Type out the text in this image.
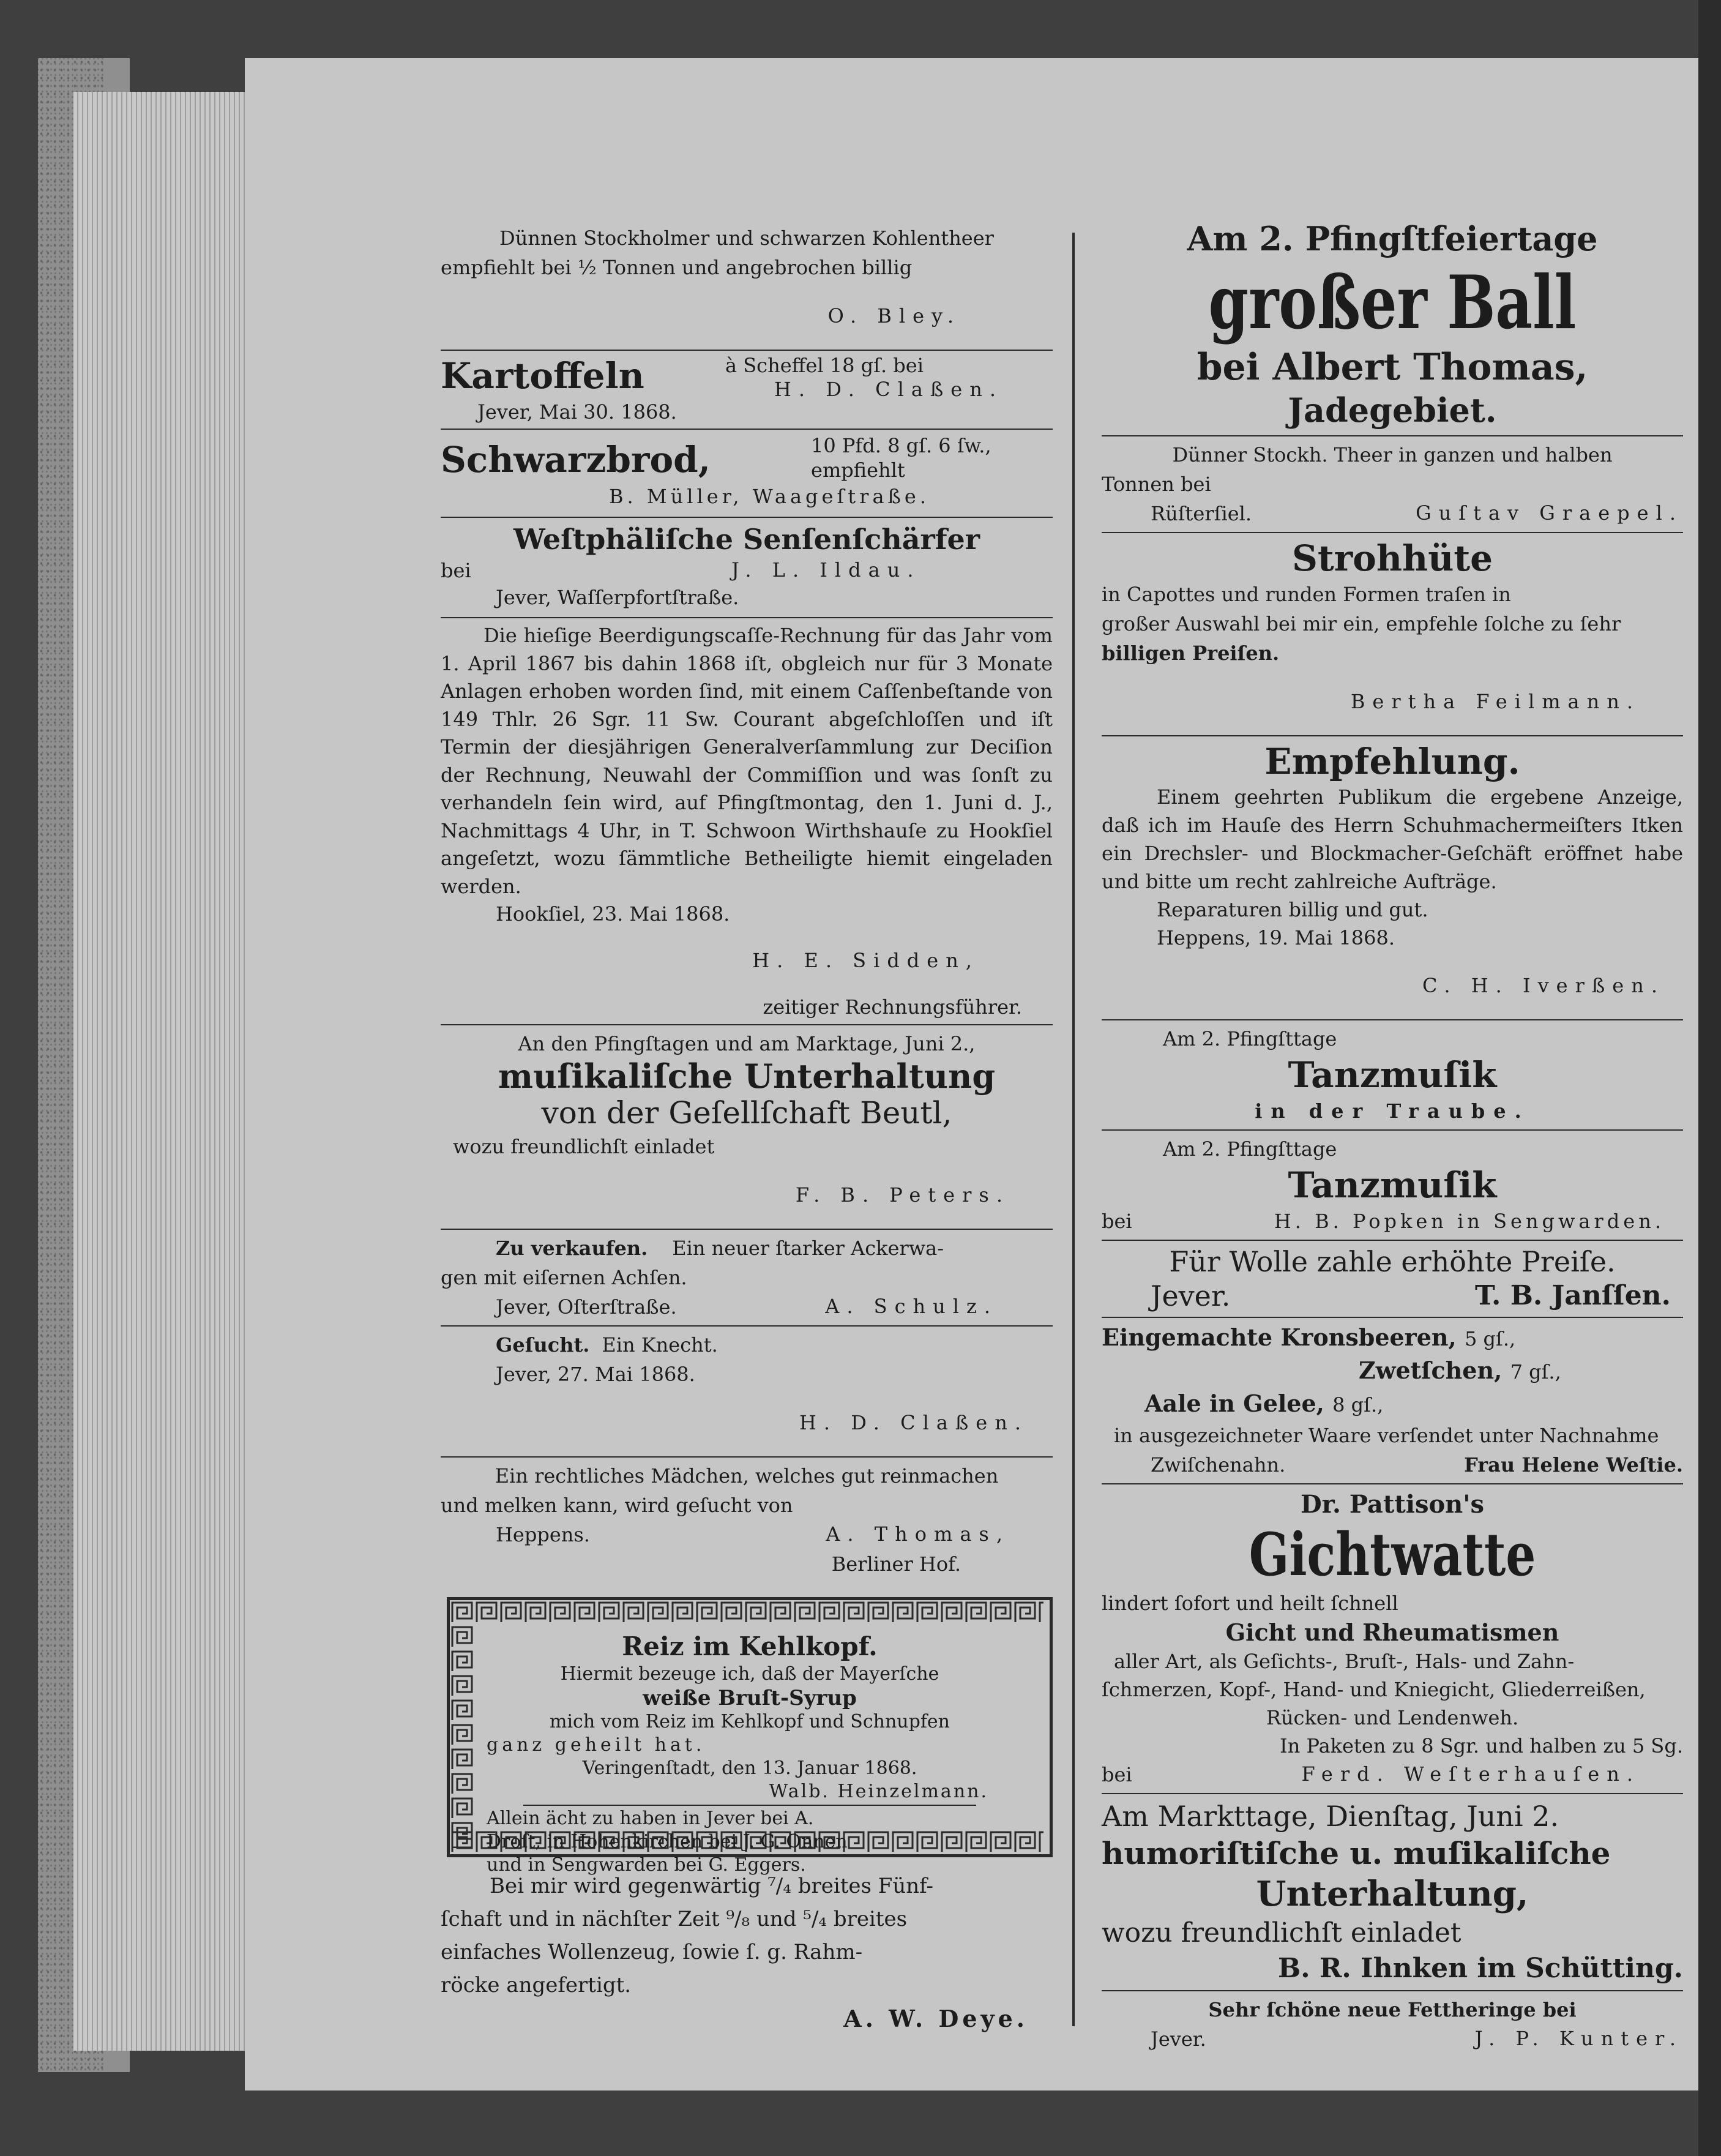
Dünnen Stockholmer und schwarzen Kohlentheer

empfiehlt bei ½ Tonnen und angebrochen billig

O. Bley.

Kartoffeln	à Scheffel 18 gſ. bei
H. D. Claßen.
Jever, Mai 30. 1868.
Schwarzbrod,	10 Pfd. 8 gſ. 6 ſw.,
empfiehlt
B. Müller, Waageſtraße.
Weſtphäliſche Senſenſchärfer
bei	J. L. Ildau.
Jever, Waſſerpfortſtraße.

Die hieſige Beerdigungscaſſe-Rechnung für das Jahr vom 1. April 1867 bis dahin 1868 iſt, obgleich nur für 3 Monate Anlagen erhoben worden ſind, mit einem Caſſenbeſtande von 149 Thlr. 26 Sgr. 11 Sw. Courant abgeſchloſſen und iſt Termin der diesjährigen Generalverſammlung zur Deciſion der Rechnung, Neuwahl der Commiſſion und was ſonſt zu verhandeln ſein wird, auf Pfingſtmontag, den 1. Juni d. J., Nachmittags 4 Uhr, in T. Schwoon Wirthshauſe zu Hookſiel angeſetzt, wozu ſämmtliche Betheiligte hiemit eingeladen werden.

Hookſiel, 23. Mai 1868.

H. E. Sidden,

zeitiger Rechnungsführer.

An den Pfingſtagen und am Marktage, Juni 2.,

muſikaliſche Unterhaltung
von der Geſellſchaft Beutl,

wozu freundlichſt einladet

F. B. Peters.

Zu verkaufen. Ein neuer ſtarker Ackerwa-

gen mit eiſernen Achſen.

Jever, Oſterſtraße.	A. Schulz.

Geſucht. Ein Knecht.

Jever, 27. Mai 1868.

H. D. Claßen.

Ein rechtliches Mädchen, welches gut reinmachen

und melken kann, wird geſucht von

Heppens.	A. Thomas,

Berliner Hof.

Reiz im Kehlkopf.

Hiermit bezeuge ich, daß der Mayerſche

weiße Bruſt-Syrup

mich vom Reiz im Kehlkopf und Schnupfen

ganz geheilt hat.

Veringenſtadt, den 13. Januar 1868.

Walb. Heinzelmann.

Allein ächt zu haben in Jever bei A.

Droſt, in Hohenkirchen bei J. G. Onnen

und in Sengwarden bei G. Eggers.

Bei mir wird gegenwärtig ⁷/₄ breites Fünf-

ſchaft und in nächſter Zeit ⁹/₈ und ⁵/₄ breites

einfaches Wollenzeug, ſowie ſ. g. Rahm-

röcke angefertigt.

A. W. Deye.

Am 2. Pfingſtfeiertage
großer Ball
bei Albert Thomas,
Jadegebiet.

Dünner Stockh. Theer in ganzen und halben

Tonnen bei

Rüſterſiel.	Guſtav Graepel.
Strohhüte

in Capottes und runden Formen traſen in

großer Auswahl bei mir ein, empfehle ſolche zu ſehr

billigen Preiſen.

Bertha Feilmann.

Empfehlung.

Einem geehrten Publikum die ergebene Anzeige, daß ich im Hauſe des Herrn Schuhmachermeiſters Itken ein Drechsler- und Blockmacher-Geſchäft eröffnet habe und bitte um recht zahlreiche Aufträge.

Reparaturen billig und gut.

Heppens, 19. Mai 1868.

C. H. Iverßen.

Am 2. Pfingſttage

Tanzmuſik

in der Traube.

Am 2. Pfingſttage

Tanzmuſik
bei	H. B. Popken in Sengwarden.

Für Wolle zahle erhöhte Preiſe.

Jever.	T. B. Janſſen.

Eingemachte Kronsbeeren, 5 gſ.,

Zwetſchen, 7 gſ.,

Aale in Gelee, 8 gſ.,

in ausgezeichneter Waare verſendet unter Nachnahme

Zwiſchenahn.	Frau Helene Weſtie.

Dr. Pattison's

Gichtwatte

lindert ſofort und heilt ſchnell

Gicht und Rheumatismen

aller Art, als Geſichts-, Bruſt-, Hals- und Zahn-

ſchmerzen, Kopf-, Hand- und Kniegicht, Gliederreißen,

Rücken- und Lendenweh.

In Paketen zu 8 Sgr. und halben zu 5 Sg.

bei	Ferd. Weſterhauſen.

Am Markttage, Dienſtag, Juni 2.

humoriſtiſche u. muſikaliſche

Unterhaltung,

wozu freundlichſt einladet

B. R. Ihnken im Schütting.

Sehr ſchöne neue Fettheringe bei

Jever.	J. P. Kunter.
